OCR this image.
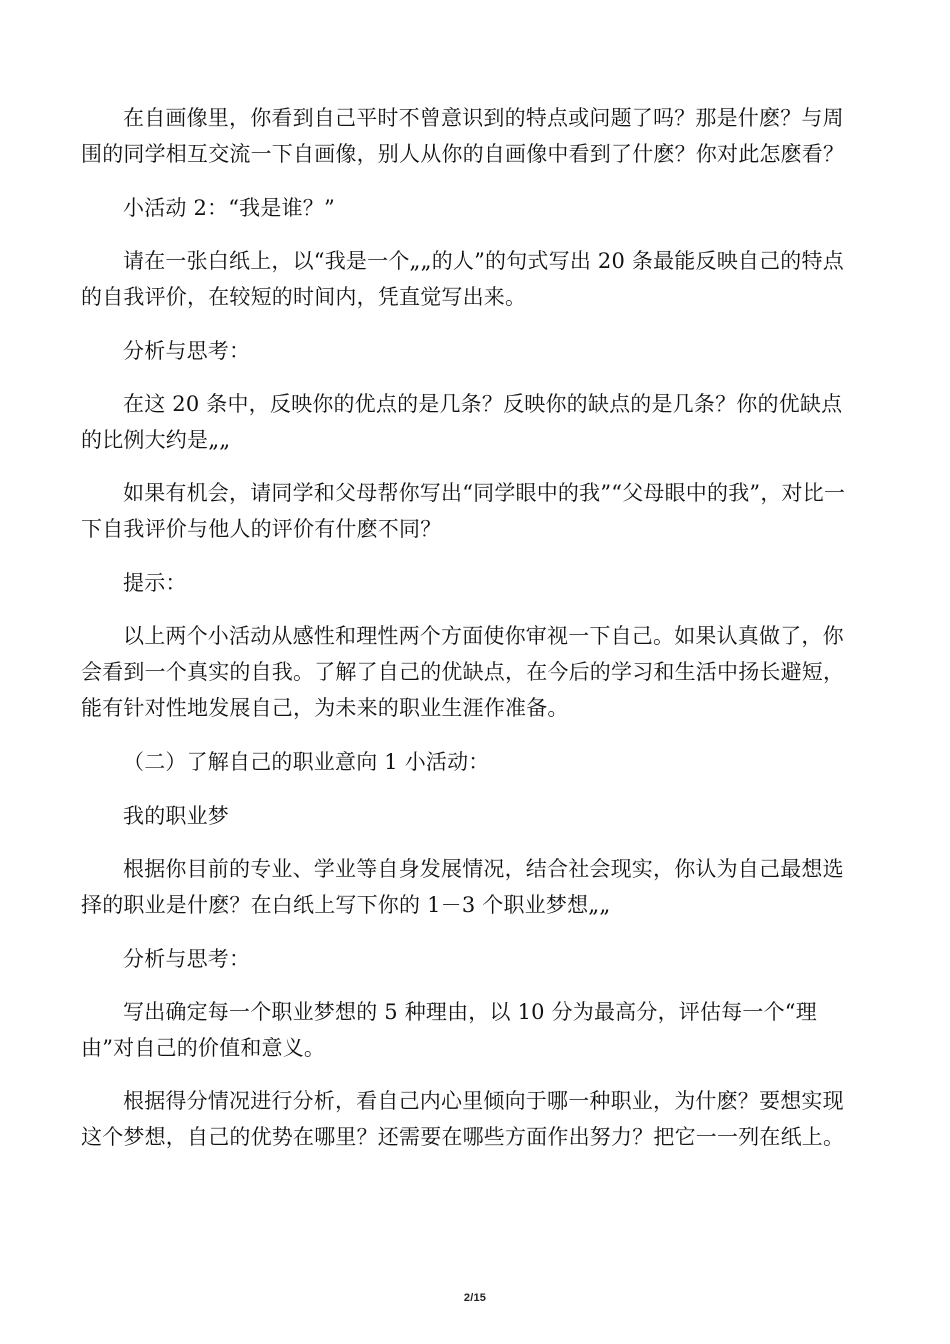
在自画像里，你看到自己平时不曾意识到的特点或问题了吗？那是什麽？与周围的同学相互交流一下自画像，别人从你的自画像中看到了什麽？你对此怎麽看？

小活动 2：“我是谁？”

请在一张白纸上，以“我是一个„„的人”的句式写出 20 条最能反映自己的特点的自我评价，在较短的时间内，凭直觉写出来。

分析与思考：

在这 20 条中，反映你的优点的是几条？反映你的缺点的是几条？你的优缺点的比例大约是„„

如果有机会，请同学和父母帮你写出“同学眼中的我”“父母眼中的我”，对比一下自我评价与他人的评价有什麽不同？

提示：

以上两个小活动从感性和理性两个方面使你审视一下自己。如果认真做了，你会看到一个真实的自我。了解了自己的优缺点，在今后的学习和生活中扬长避短，能有针对性地发展自己，为未来的职业生涯作准备。

（二）了解自己的职业意向 1 小活动：

我的职业梦

根据你目前的专业、学业等自身发展情况，结合社会现实，你认为自己最想选择的职业是什麽？在白纸上写下你的 1－3 个职业梦想„„

分析与思考：

写出确定每一个职业梦想的 5 种理由，以 10 分为最高分，评估每一个“理由”对自己的价值和意义。

根据得分情况进行分析，看自己内心里倾向于哪一种职业，为什麽？要想实现这个梦想，自己的优势在哪里？还需要在哪些方面作出努力？把它一一列在纸上。

2/15
